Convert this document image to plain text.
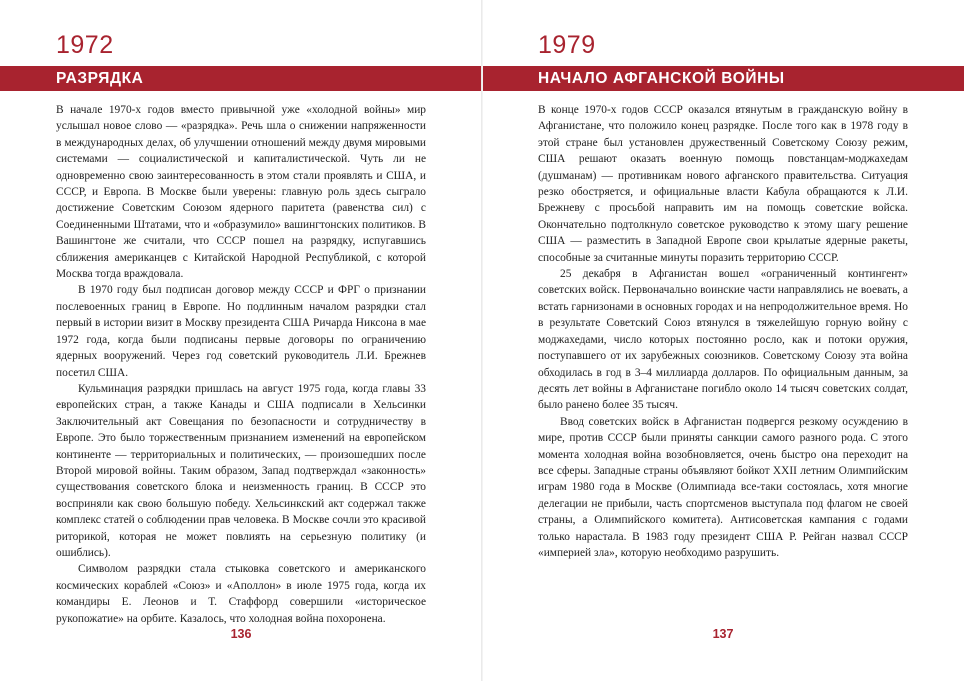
1972
РАЗРЯДКА

В начале 1970-х годов вместо привычной уже «холодной войны» мир услышал новое слово — «разрядка». Речь шла о снижении напряженности в международных делах, об улучшении отношений между двумя мировыми системами — социалистической и капиталистической. Чуть ли не одновременно свою заинтересованность в этом стали проявлять и США, и СССР, и Европа. В Москве были уверены: главную роль здесь сыграло достижение Советским Союзом ядерного паритета (равенства сил) с Соединенными Штатами, что и «образумило» вашингтонских политиков. В Вашингтоне же считали, что СССР пошел на разрядку, испугавшись сближения американцев с Китайской Народной Республикой, с которой Москва тогда враждовала.

В 1970 году был подписан договор между СССР и ФРГ о признании послевоенных границ в Европе. Но подлинным началом разрядки стал первый в истории визит в Москву президента США Ричарда Никсона в мае 1972 года, когда были подписаны первые договоры по ограничению ядерных вооружений. Через год советский руководитель Л.И. Брежнев посетил США.

Кульминация разрядки пришлась на август 1975 года, когда главы 33 европейских стран, а также Канады и США подписали в Хельсинки Заключительный акт Совещания по безопасности и сотрудничеству в Европе. Это было торжественным признанием изменений на европейском континенте — территориальных и политических, — произошедших после Второй мировой войны. Таким образом, Запад подтверждал «законность» существования советского блока и неизменность границ. В СССР это восприняли как свою большую победу. Хельсинкский акт содержал также комплекс статей о соблюдении прав человека. В Москве сочли это красивой риторикой, которая не может повлиять на серьезную политику (и ошиблись).

Символом разрядки стала стыковка советского и американского космических кораблей «Союз» и «Аполлон» в июле 1975 года, когда их командиры Е. Леонов и Т. Стаффорд совершили «историческое рукопожатие» на орбите. Казалось, что холодная война похоронена.

136
1979
НАЧАЛО АФГАНСКОЙ ВОЙНЫ

В конце 1970-х годов СССР оказался втянутым в гражданскую войну в Афганистане, что положило конец разрядке. После того как в 1978 году в этой стране был установлен дружественный Советскому Союзу режим, США решают оказать военную помощь повстанцам-моджахедам (душманам) — противникам нового афганского правительства. Ситуация резко обостряется, и официальные власти Кабула обращаются к Л.И. Брежневу с просьбой направить им на помощь советские войска. Окончательно подтолкнуло советское руководство к этому шагу решение США — разместить в Западной Европе свои крылатые ядерные ракеты, способные за считанные минуты поразить территорию СССР.

25 декабря в Афганистан вошел «ограниченный контингент» советских войск. Первоначально воинские части направлялись не воевать, а встать гарнизонами в основных городах и на непродолжительное время. Но в результате Советский Союз втянулся в тяжелейшую горную войну с моджахедами, число которых постоянно росло, как и потоки оружия, поступавшего от их зарубежных союзников. Советскому Союзу эта война обходилась в год в 3–4 миллиарда долларов. По официальным данным, за десять лет войны в Афганистане погибло около 14 тысяч советских солдат, было ранено более 35 тысяч.

Ввод советских войск в Афганистан подвергся резкому осуждению в мире, против СССР были приняты санкции самого разного рода. С этого момента холодная война возобновляется, очень быстро она переходит на все сферы. Западные страны объявляют бойкот XXII летним Олимпийским играм 1980 года в Москве (Олимпиада все-таки состоялась, хотя многие делегации не прибыли, часть спортсменов выступала под флагом не своей страны, а Олимпийского комитета). Антисоветская кампания с годами только нарастала. В 1983 году президент США Р. Рейган назвал СССР «империей зла», которую необходимо разрушить.

137
